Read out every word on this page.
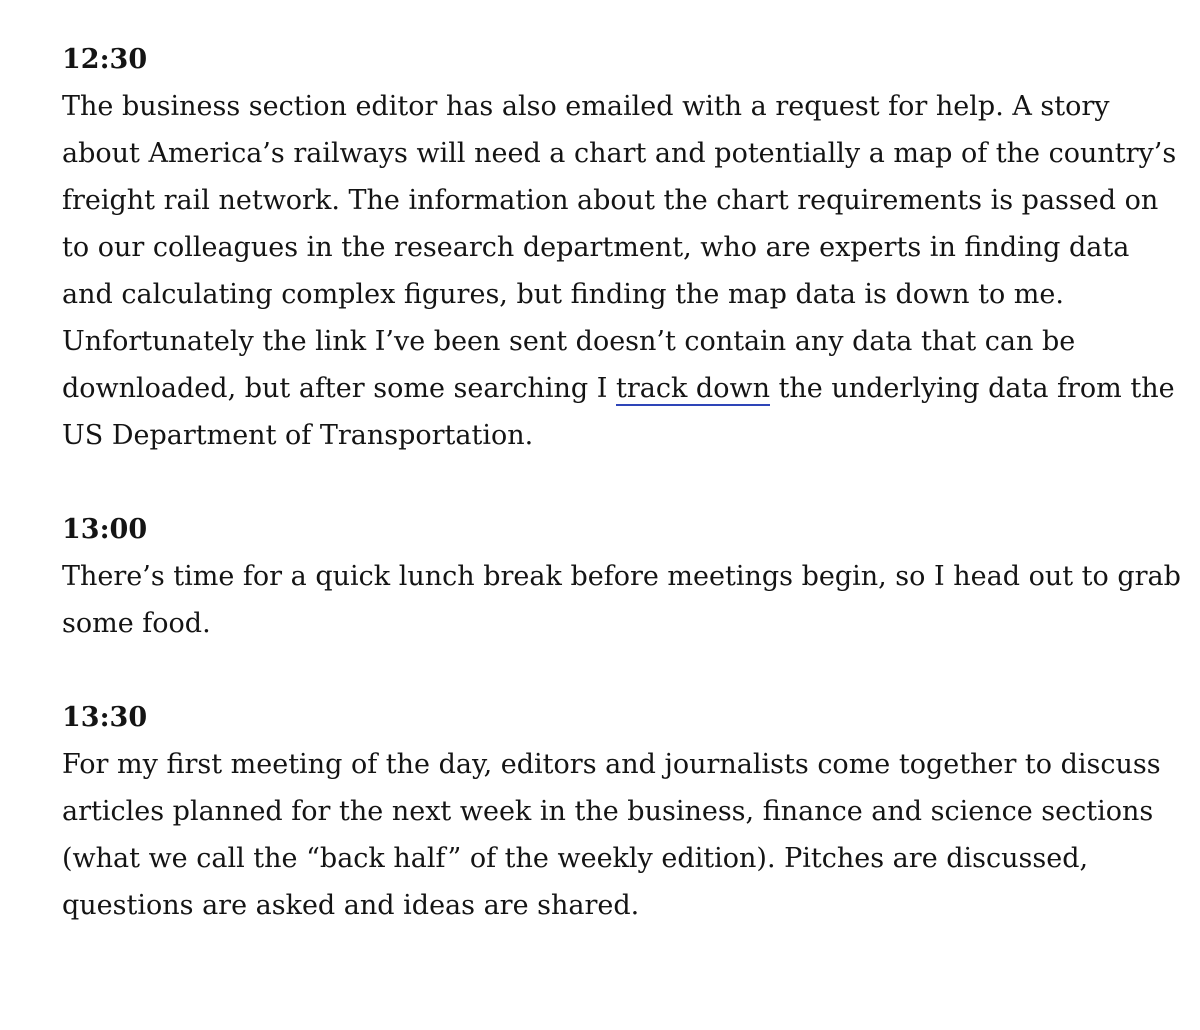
12:30

The business section editor has also emailed with a request for help. A story about America’s railways will need a chart and potentially a map of the country’s freight rail network. The information about the chart requirements is passed on to our colleagues in the research department, who are experts in finding data and calculating complex figures, but finding the map data is down to me. Unfortunately the link I’ve been sent doesn’t contain any data that can be downloaded, but after some searching I track down the underlying data from the US Department of Transportation.

13:00

There’s time for a quick lunch break before meetings begin, so I head out to grab some food.

13:30

For my first meeting of the day, editors and journalists come together to discuss articles planned for the next week in the business, finance and science sections (what we call the “back half” of the weekly edition). Pitches are discussed, questions are asked and ideas are shared.
